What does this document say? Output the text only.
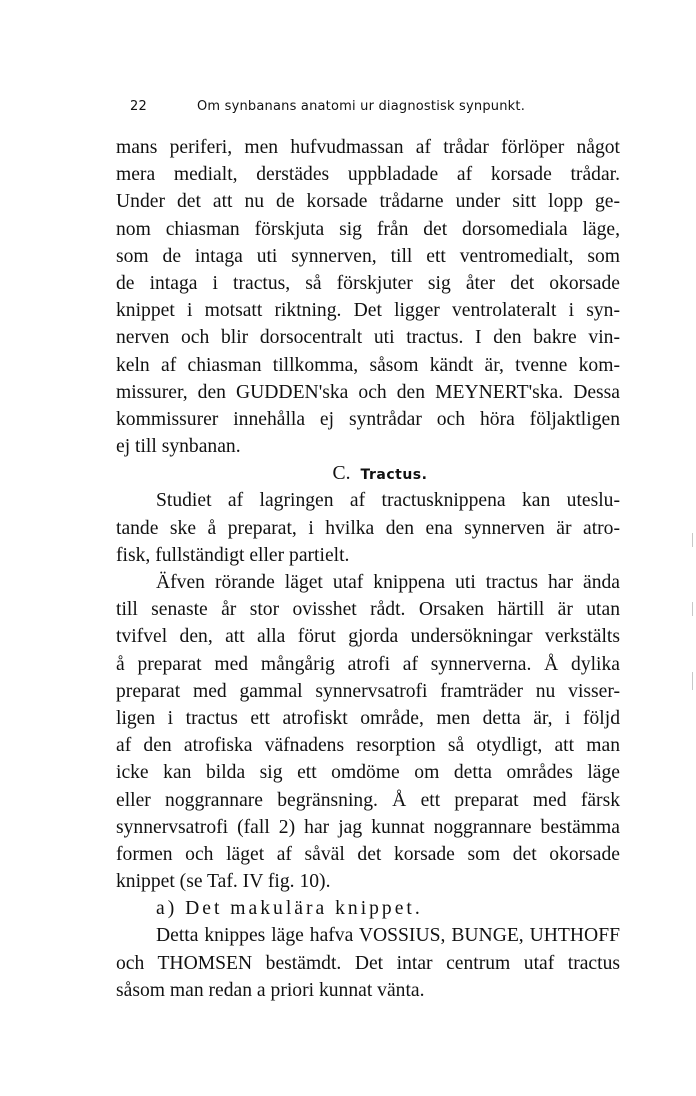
22	Om synbanans anatomi ur diagnostisk synpunkt.
mans periferi, men hufvudmassan af trådar förlöper något
mera medialt, derstädes uppbladade af korsade trådar.
Under det att nu de korsade trådarne under sitt lopp ge-
nom chiasman förskjuta sig från det dorsomediala läge,
som de intaga uti synnerven, till ett ventromedialt, som
de intaga i tractus, så förskjuter sig åter det okorsade
knippet i motsatt riktning. Det ligger ventrolateralt i syn-
nerven och blir dorsocentralt uti tractus. I den bakre vin-
keln af chiasman tillkomma, såsom kändt är, tvenne kom-
missurer, den GUDDEN'ska och den MEYNERT'ska. Dessa
kommissurer innehålla ej syntrådar och höra följaktligen
ej till synbanan.
C. Tractus.
Studiet af lagringen af tractusknippena kan uteslu-
tande ske å preparat, i hvilka den ena synnerven är atro-
fisk, fullständigt eller partielt.
Äfven rörande läget utaf knippena uti tractus har ända
till senaste år stor ovisshet rådt. Orsaken härtill är utan
tvifvel den, att alla förut gjorda undersökningar verkstälts
å preparat med mångårig atrofi af synnerverna. Å dylika
preparat med gammal synnervsatrofi framträder nu visser-
ligen i tractus ett atrofiskt område, men detta är, i följd
af den atrofiska väfnadens resorption så otydligt, att man
icke kan bilda sig ett omdöme om detta områdes läge
eller noggrannare begränsning. Å ett preparat med färsk
synnervsatrofi (fall 2) har jag kunnat noggrannare bestämma
formen och läget af såväl det korsade som det okorsade
knippet (se Taf. IV fig. 10).
a) Det makulära knippet.
Detta knippes läge hafva VOSSIUS, BUNGE, UHTHOFF
och THOMSEN bestämdt. Det intar centrum utaf tractus
såsom man redan a priori kunnat vänta.
